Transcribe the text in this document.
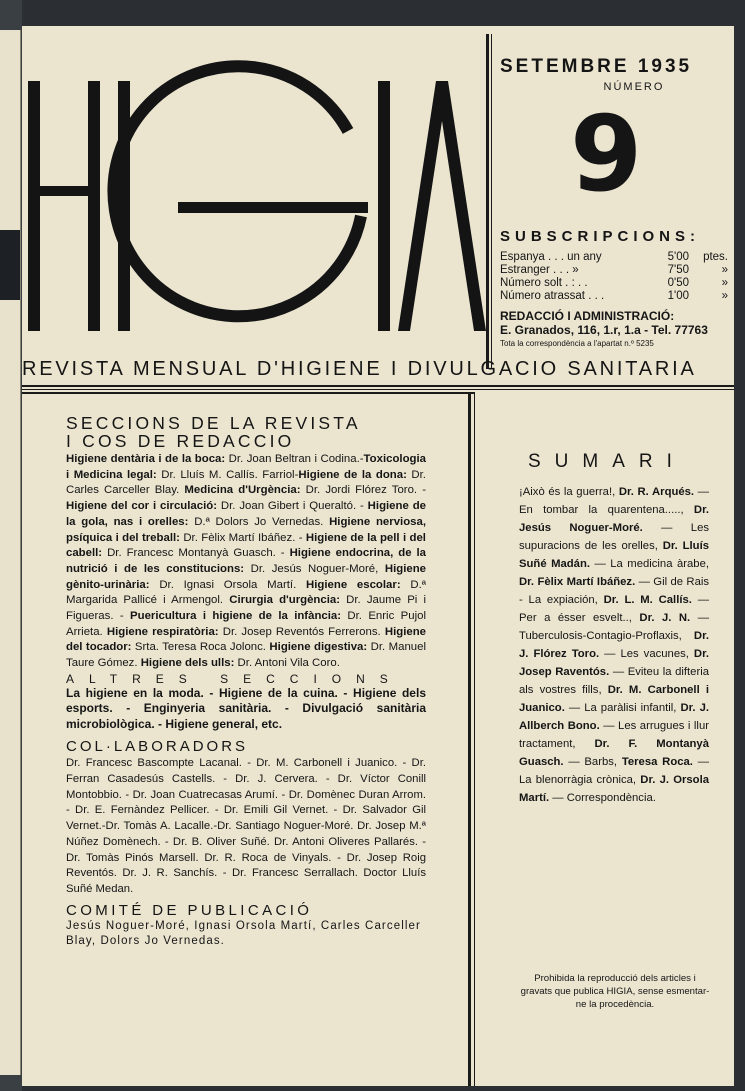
SETEMBRE 1935

NÚMERO
9
SUBSCRIPCIONS:
Espanya . . . un any	5'00	ptes.
Estranger . . . »	7'50	»
Número solt . : . .	0'50	»
Número atrassat . . .	1'00	»
REDACCIÓ I ADMINISTRACIÓ:
E. Granados, 116, 1.r, 1.a - Tel. 77763
Tota la correspondència a l'apartat n.º 5235
REVISTA MENSUAL D'HIGIENE I DIVULGACIO SANITARIA

SECCIONS DE LA REVISTA

I COS DE REDACCIO

Higiene dentària i de la boca: Dr. Joan Beltran i Codina.-Toxicologia i Medicina legal: Dr. Lluís M. Callís. Farriol-Higiene de la dona: Dr. Carles Carceller Blay. Medicina d'Urgència: Dr. Jordi Flórez Toro. - Higiene del cor i circulació: Dr. Joan Gibert i Queraltó. - Higiene de la gola, nas i orelles: D.ª Dolors Jo Vernedas. Higiene nerviosa, psíquica i del treball: Dr. Fèlix Martí Ibáñez. - Higiene de la pell i del cabell: Dr. Francesc Montanyà Guasch. - Higiene endocrina, de la nutrició i de les constitucions: Dr. Jesús Noguer-Moré, Higiene gènito-urinària: Dr. Ignasi Orsola Martí. Higiene escolar: D.ª Margarida Pallicé i Armengol. Cirurgia d'urgència: Dr. Jaume Pi i Figueras. - Puericultura i higiene de la infància: Dr. Enric Pujol Arrieta. Higiene respiratòria: Dr. Josep Reventós Ferrerons. Higiene del tocador: Srta. Teresa Roca Jolonc. Higiene digestiva: Dr. Manuel Taure Gómez. Higiene dels ulls: Dr. Antoni Vila Coro.

ALTRES SECCIONS

La higiene en la moda. - Higiene de la cuina. - Higiene dels esports. - Enginyeria sanitària. - Divulgació sanitària microbiològica. - Higiene general, etc.

COL·LABORADORS

Dr. Francesc Bascompte Lacanal. - Dr. M. Carbonell i Juanico. - Dr. Ferran Casadesús Castells. - Dr. J. Cervera. - Dr. Víctor Conill Montobbio. - Dr. Joan Cuatrecasas Arumí. - Dr. Domènec Duran Arrom. - Dr. E. Fernàndez Pellicer. - Dr. Emili Gil Vernet. - Dr. Salvador Gil Vernet.-Dr. Tomàs A. Lacalle.-Dr. Santiago Noguer-Moré. Dr. Josep M.ª Núñez Domènech. - Dr. B. Oliver Suñé. Dr. Antoni Oliveres Pallarés. - Dr. Tomàs Pinós Marsell. Dr. R. Roca de Vinyals. - Dr. Josep Roig Reventós. Dr. J. R. Sanchís. - Dr. Francesc Serrallach. Doctor Lluís Suñé Medan.

COMITÉ DE PUBLICACIÓ

Jesús Noguer-Moré, Ignasi Orsola Martí, Carles Carceller Blay, Dolors Jo Vernedas.

SUMARI
¡Això és la guerra!, Dr. R. Arqués. — En tombar la quarentena....., Dr. Jesús Noguer-Moré. — Les supuracions de les orelles, Dr. Lluís Suñé Madán. — La medicina àrabe, Dr. Fèlix Martí Ibáñez. — Gil de Rais - La expiación, Dr. L. M. Callís. — Per a ésser esvelt.., Dr. J. N. — Tuberculosis-Contagio-Proflaxis, Dr. J. Flórez Toro. — Les vacunes, Dr. Josep Raventós. — Eviteu la difteria als vostres fills, Dr. M. Carbonell i Juanico. — La paràlisi infantil, Dr. J. Allberch Bono. — Les arrugues i llur tractament, Dr. F. Montanyà Guasch. — Barbs, Teresa Roca. — La blenorràgia crònica, Dr. J. Orsola Martí. — Correspondència.
Prohibida la reproducció dels articles i gravats que publica HIGIA, sense esmentar-ne la procedència.
